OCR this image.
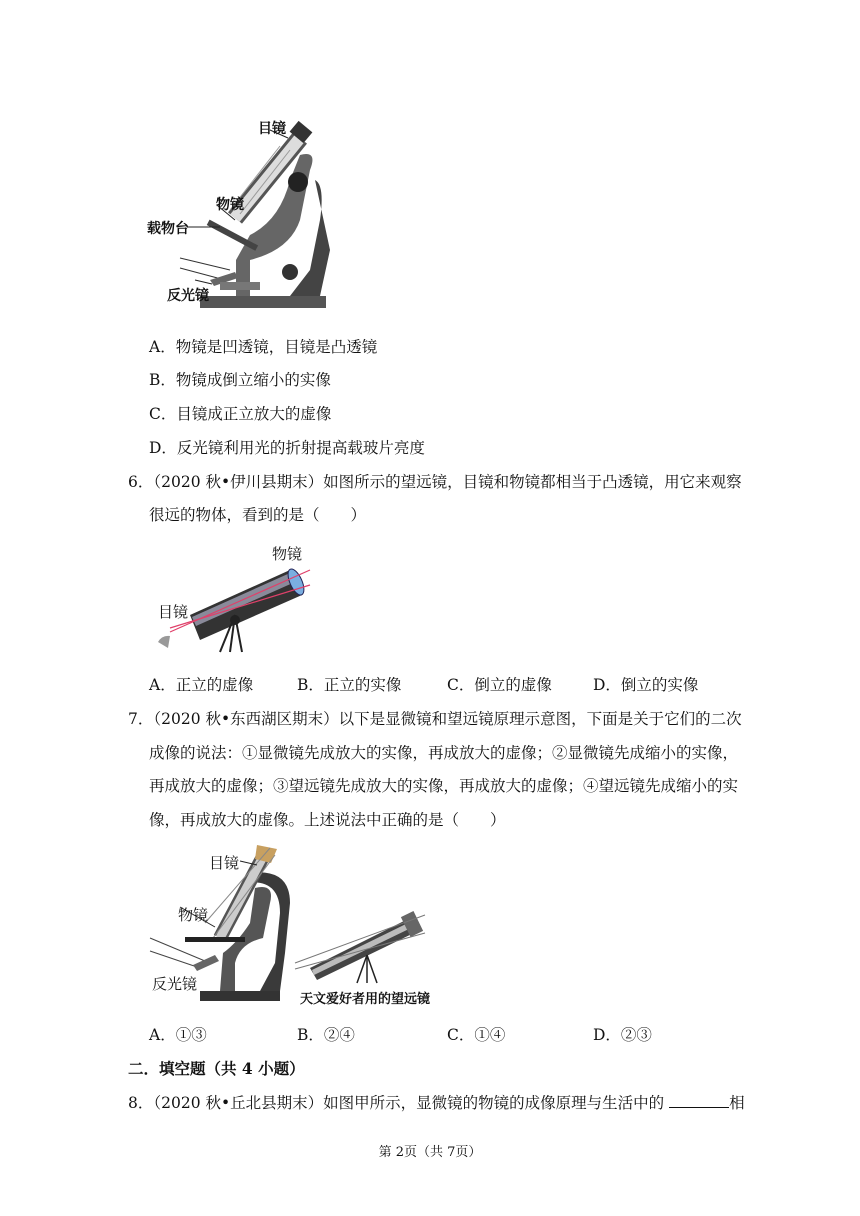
目镜
物镜
载物台
反光镜
A．物镜是凹透镜，目镜是凸透镜
B．物镜成倒立缩小的实像
C．目镜成正立放大的虚像
D．反光镜利用光的折射提高载玻片亮度
6．（2020 秋•伊川县期末）如图所示的望远镜，目镜和物镜都相当于凸透镜，用它来观察
很远的物体，看到的是（　　）
物镜
目镜
A．正立的虚像	B．正立的实像	C．倒立的虚像	D．倒立的实像
7．（2020 秋•东西湖区期末）以下是显微镜和望远镜原理示意图，下面是关于它们的二次
成像的说法：①显微镜先成放大的实像，再成放大的虚像；②显微镜先成缩小的实像，
再成放大的虚像；③望远镜先成放大的实像，再成放大的虚像；④望远镜先成缩小的实
像，再成放大的虚像。上述说法中正确的是（　　）
目镜
物镜
反光镜
天文爱好者用的望远镜
A．①③	B．②④	C．①④	D．②③
二．填空题（共 4 小题）
8．（2020 秋•丘北县期末）如图甲所示，显微镜的物镜的成像原理与生活中的	相
第 2页（共 7页）
